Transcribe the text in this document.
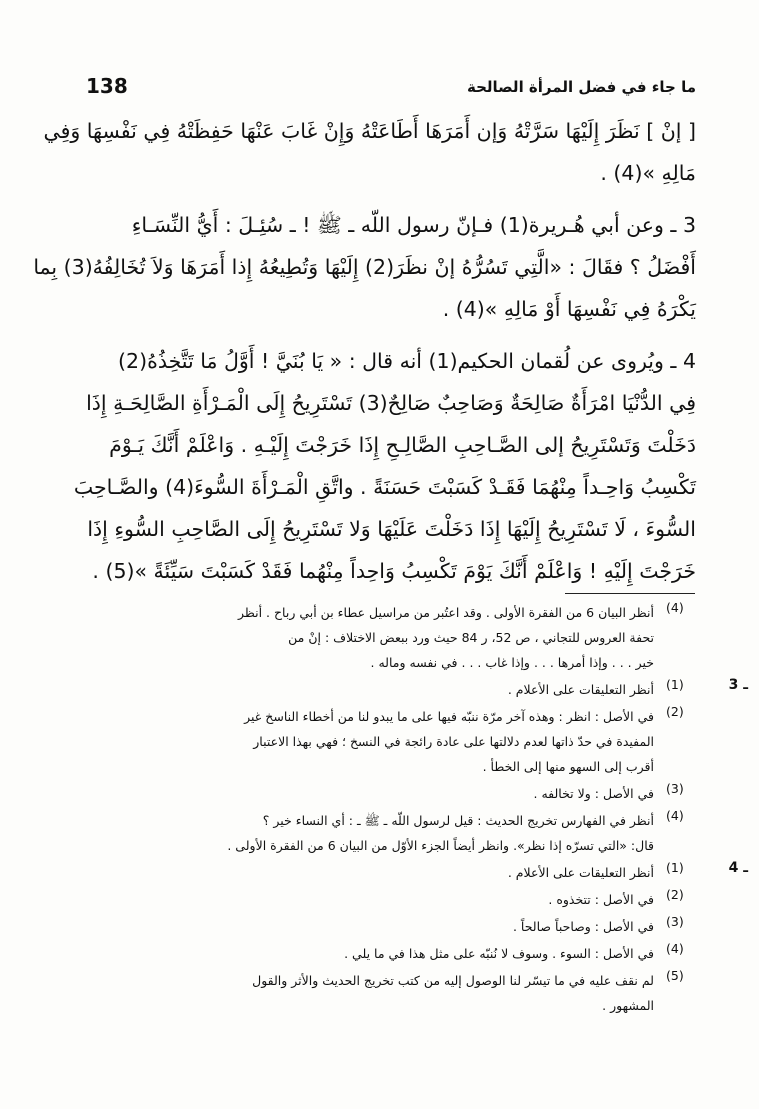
ما جاء في فضل المرأة الصالحة
138

[ إنْ ] نَظَرَ إِلَيْهَا سَرَّتْهُ وَإن أَمَرَهَا أَطَاعَتْهُ وَإِنْ غَابَ عَنْهَا حَفِظَتْهُ فِي نَفْسِهَا وَفِي
مَالِهِ »(4) .

3 ـ وعن أبي هُـريرة(1) فـإنّ رسول اللّه ـ ﷺ ! ـ سُئِـلَ : أَيُّ النِّسَـاءِ
أَفْضَلُ ؟ فقَالَ : «الَّتِي تَسُرُّهُ إنْ نظَرَ(2) إِلَيْهَا وَتُطِيعُهُ إِذا أَمَرَهَا وَلاَ تُخَالِفُهُ(3) بِما
يَكْرَهُ فِي نَفْسِهَا أَوْ مَالِهِ »(4) .

4 ـ ويُروى عن لُقمان الحكيم(1) أنه قال : « يَا بُنَيَّ ! أَوَّلُ مَا تَتَّخِذُهُ(2)
فِي الدُّنْيَا امْرَأَةٌ صَالِحَةٌ وَصَاحِبٌ صَالِحٌ(3) تَسْتَرِيحُ إِلَى الْمَـرْأَةِ الصَّالِحَـةِ إِذَا
دَخَلْتَ وَتَسْتَرِيحُ إلى الصَّـاحِبِ الصَّالِـحِ إِذَا خَرَجْتَ إِلَيْـهِ . وَاعْلَمْ أَنَّكَ يَـوْمَ
تَكْسِبُ وَاحِـداً مِنْهُمَا فَقَـدْ كَسَبْتَ حَسَنَةً . واتَّقِ الْمَـرْأَةَ السُّوءَ(4) والصَّـاحِبَ
السُّوءَ ، لَا تَسْتَرِيحُ إِلَيْهَا إِذَا دَخَلْتَ عَلَيْهَا وَلا تَسْتَرِيحُ إِلَى الصَّاحِبِ السُّوءِ إِذَا
خَرَجْتَ إِلَيْهِ ! وَاعْلَمْ أَنَّكَ يَوْمَ تَكْسِبُ وَاحِداً مِنْهُما فَقَدْ كَسَبْتَ سَيِّئَةً »(5) .

(4)
أنظر البيان 6 من الفقرة الأولى . وقد اعتُبر من مراسيل عطاء بن أبي رباح . أنظر
تحفة العروس للتجاني ، ص 52، ر 84 حيث ورد ببعض الاختلاف : إنْ من
خير . . . وإذا أمرها . . . وإذا غاب . . . في نفسه وماله .
3 ـ
(1)
أنظر التعليقات على الأعلام .
(2)
في الأصل : انظر : وهذه آخر مرّة ننبّه فيها على ما يبدو لنا من أخطاء الناسخ غير
المفيدة في حدّ ذاتها لعدم دلالتها على عادة رائجة في النسخ ؛ فهي بهذا الاعتبار
أقرب إلى السهو منها إلى الخطأ .
(3)
في الأصل : ولا تخالفه .
(4)
أنظر في الفهارس تخريج الحديث : قيل لرسول اللّه ـ ﷺ ـ : أي النساء خير ؟
قال: «التي تسرّه إذا نظر». وانظر أيضاً الجزء الأوّل من البيان 6 من الفقرة الأولى .
4 ـ
(1)
أنظر التعليقات على الأعلام .
(2)
في الأصل : تتخذوه .
(3)
في الأصل : وصاحباً صالحاً .
(4)
في الأصل : السوء . وسوف لا نُنبّه على مثل هذا في ما يلي .
(5)
لم نقف عليه في ما تيسّر لنا الوصول إليه من كتب تخريج الحديث والأثر والقول
المشهور .
